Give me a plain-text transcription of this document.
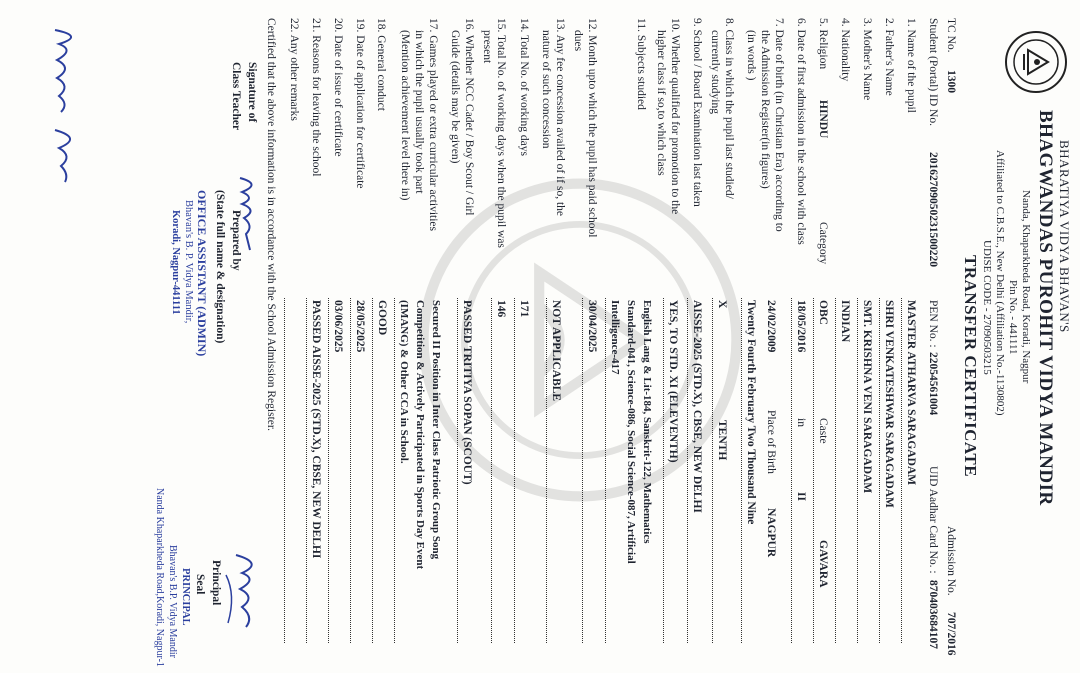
BHARATIYA VIDYA BHAVAN'S
BHAGWANDAS PUROHIT VIDYA MANDIR
Nanda, Khaparkheda Road, Koradi, Nagpur
Pin No. - 441111
Affiliated to C.B.S.E., New Delhi (Affiliation No.-1130802)
UDISE CODE - 27090503215
TRANSFER CERTIFICATE
TC No.
1300
Admission No.
707/2016
Student (Portal) ID No.
20162709050231500220
PEN No. :
22054561004
UID Aadhar Card No. :
870403684107
1. Name of the pupil
MASTER ATHARVA SARAGADAM
2. Father's Name
SHRI VENKATESHWAR SARAGADAM
3. Mother's Name
SMT. KRISHNA VENI SARAGADAM
4. Nationality
INDIAN
5. Religion
HINDU
Category
OBC
Caste
GAVARA
6. Date of first admission in the school with class
18/05/2016
in
II
7. Date of birth (in Christian Era) according to
the Admission Register(in figures)
(in words )
24/02/2009
Place of Birth
NAGPUR
Twenty Fourth February Two Thousand Nine
8. Class in which the pupil last studied/
currently studying
X
TENTH
9. School / Board Examination last taken
AISSE-2025 (STD.X), CBSE, NEW DELHI
10. Whether qualified for promotion to the
higher class if so,to which class
YES, TO STD. XI (ELEVENTH)
11. Subjects studied
English Lang & Lit-184, Sanskrit-122, Mathematics
Standard-041, Science-086, Social Science-087, Artificial
Intelligence-417
12. Month upto which the pupil has paid school
dues
30/04/2025
13. Any fee concession availed of if so, the
nature of such concession
NOT APPLICABLE
14. Total No. of working days
171
15. Total No. of working days when the pupil was
present
146
16. Whether NCC Cadet / Boy Scout / Girl
Guide (details may be given)
PASSED TRITIYA SOPAN (SCOUT)
17. Games played or extra curricular activities
in which the pupil usually took part
(Mention achievement level there in)
Secured II Position in Inter Class Patriotic Group Song
Competition & Actively Participated in Sports Day Event
(IMANG) & Other CCA in School.
18. General conduct
GOOD
19. Date of application for certificate
28/05/2025
20. Date of issue of certificate
03/06/2025
21. Reasons for leaving the school
PASSED AISSE-2025 (STD.X), CBSE, NEW DELHI
22. Any other remarks
Certified that the above information is in accordance with the School Admission Register.
Signature of
Class Teacher
Prepared by
(State full name & designation)
OFFICE ASSISTANT (ADMIN)
Bhavan's B. P. Vidya Mandir,
Koradi, Nagpur-441111
Principal
Seal
PRINCIPAL
Bhavan's B.P. Vidya Mandir
Nanda Khaparkheda Road,Koradi, Nagpur-1
